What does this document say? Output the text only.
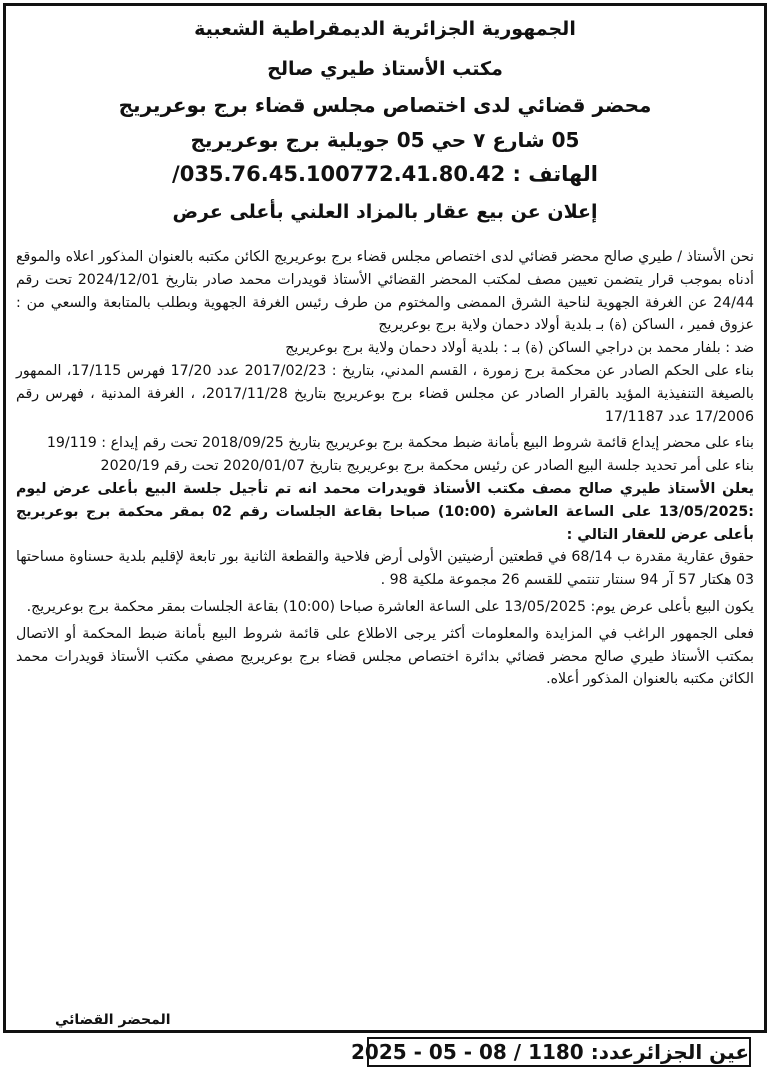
الجمهورية الجزائرية الديمقراطية الشعبية
مكتب الأستاذ طيري صالح
محضر قضائي لدى اختصاص مجلس قضاء برج بوعريريج
05 شارع ٧ حي 05 جويلية برج بوعريريج
الهاتف : 035.76.45.100772.41.80.42/
إعلان عن بيع عقار بالمزاد العلني بأعلى عرض

نحن الأستاذ / طيري صالح محضر قضائي لدى اختصاص مجلس قضاء برج بوعريريج الكائن مكتبه بالعنوان المذكور اعلاه والموقع أدناه بموجب قرار يتضمن تعيين مصف لمكتب المحضر القضائي الأستاذ قويدرات محمد صادر بتاريخ 2024/12/01 تحت رقم 24/44 عن الغرفة الجهوية لناحية الشرق الممضى والمختوم من طرف رئيس الغرفة الجهوية وبطلب بالمتابعة والسعي من : عزوق فمير ، الساكن (ة) بـ بلدية أولاد دحمان ولاية برج بوعريريج

ضد : بلفار محمد بن دراجي الساكن (ة) بـ : بلدية أولاد دحمان ولاية برج بوعريريج

بناء على الحكم الصادر عن محكمة برج زمورة ، القسم المدني، بتاريخ : 2017/02/23 عدد 17/20 فهرس 17/115، الممهور بالصيغة التنفيذية المؤيد بالقرار الصادر عن مجلس قضاء برج بوعريريج بتاريخ 2017/11/28، ، الغرفة المدنية ، فهرس رقم 17/2006 عدد 17/1187

بناء على محضر إيداع قائمة شروط البيع بأمانة ضبط محكمة برج بوعريريج بتاريخ 2018/09/25 تحت رقم إيداع : 19/119

بناء على أمر تحديد جلسة البيع الصادر عن رئيس محكمة برج بوعريريج بتاريخ 2020/01/07 تحت رقم 2020/19

يعلن الأستاذ طيري صالح مصف مكتب الأستاذ قويدرات محمد انه تم تأجيل جلسة البيع بأعلى عرض ليوم :13/05/2025 على الساعة العاشرة (10:00) صباحا بقاعة الجلسات رقم 02 بمقر محكمة برج بوعريريج بأعلى عرض للعقار التالي :

حقوق عقارية مقدرة ب 68/14 في قطعتين أرضيتين الأولى أرض فلاحية والقطعة الثانية بور تابعة لإقليم بلدية حسناوة مساحتها 03 هكتار 57 آر 94 سنتار تنتمي للقسم 26 مجموعة ملكية 98 .

يكون البيع بأعلى عرض يوم: 13/05/2025 على الساعة العاشرة صباحا (10:00) بقاعة الجلسات بمقر محكمة برج بوعريريج.

فعلى الجمهور الراغب في المزايدة والمعلومات أكثر يرجى الاطلاع على قائمة شروط البيع بأمانة ضبط المحكمة أو الاتصال بمكتب الأستاذ طيري صالح محضر قضائي بدائرة اختصاص مجلس قضاء برج بوعريريج مصفي مكتب الأستاذ قويدرات محمد الكائن مكتبه بالعنوان المذكور أعلاه.

المحضر القضائي
عين الجزائرعدد: 1180 / 08 - 05 - 2025
